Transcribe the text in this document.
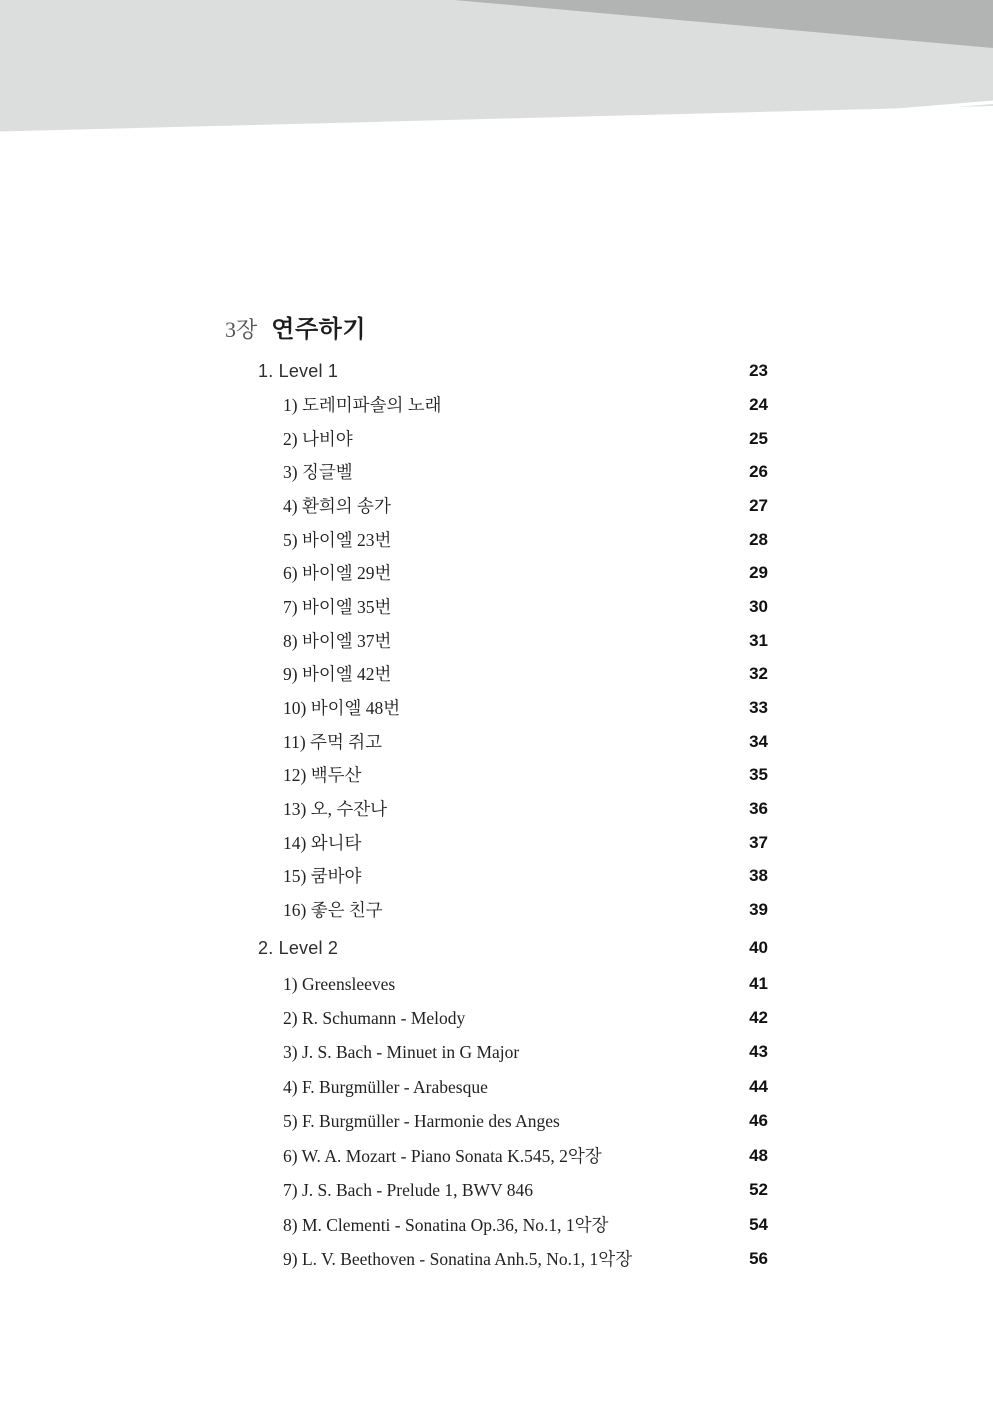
3장 연주하기
1. Level 1	23
1) 도레미파솔의 노래	24
2) 나비야	25
3) 징글벨	26
4) 환희의 송가	27
5) 바이엘 23번	28
6) 바이엘 29번	29
7) 바이엘 35번	30
8) 바이엘 37번	31
9) 바이엘 42번	32
10) 바이엘 48번	33
11) 주먹 쥐고	34
12) 백두산	35
13) 오, 수잔나	36
14) 와니타	37
15) 쿰바야	38
16) 좋은 친구	39
2. Level 2	40
1) Greensleeves	41
2) R. Schumann - Melody	42
3) J. S. Bach - Minuet in G Major	43
4) F. Burgmüller - Arabesque	44
5) F. Burgmüller - Harmonie des Anges	46
6) W. A. Mozart - Piano Sonata K.545, 2악장	48
7) J. S. Bach - Prelude 1, BWV 846	52
8) M. Clementi - Sonatina Op.36, No.1, 1악장	54
9) L. V. Beethoven - Sonatina Anh.5, No.1, 1악장	56
